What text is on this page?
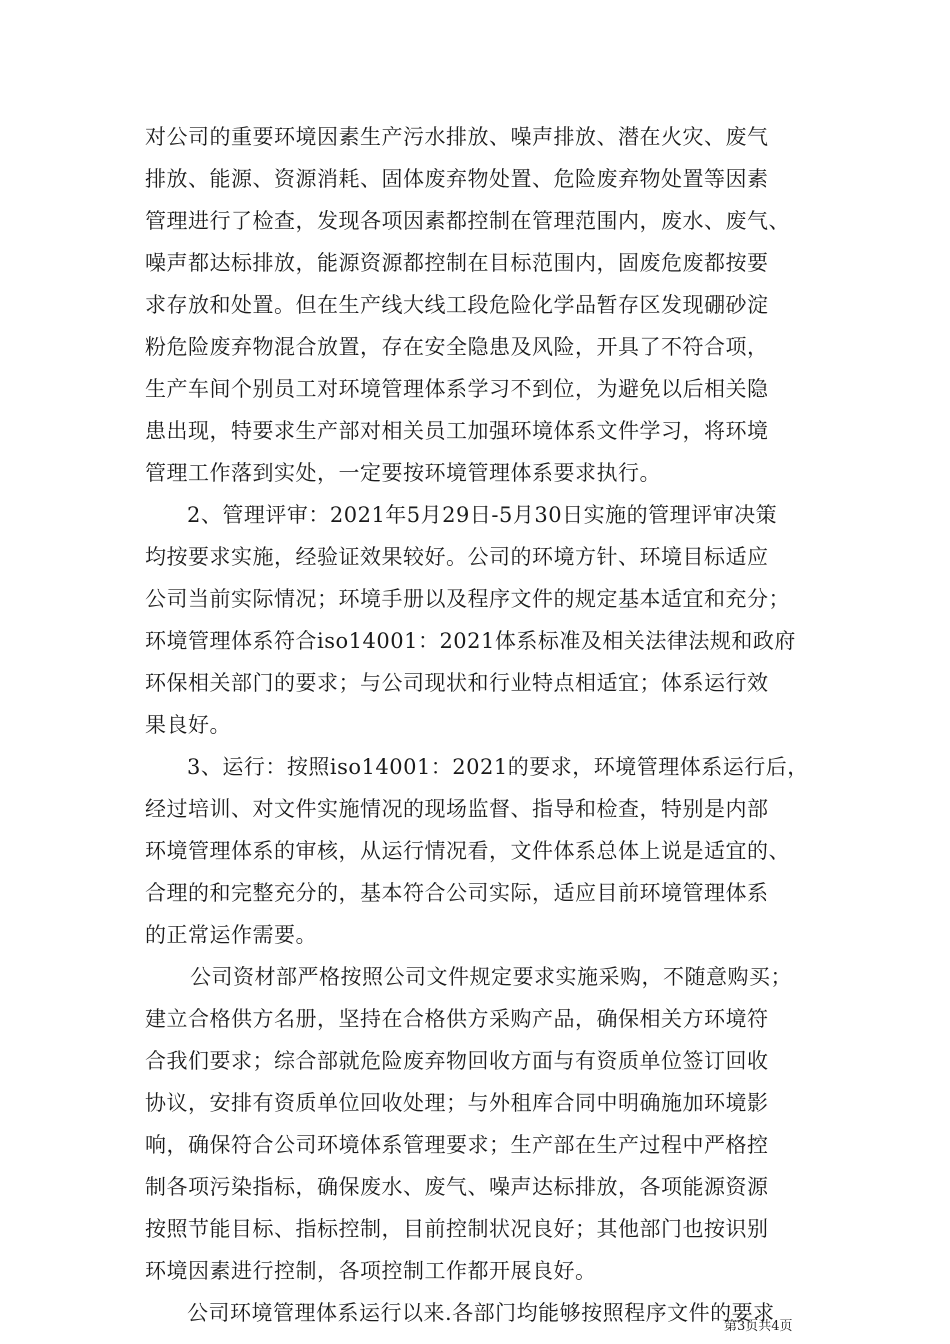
对公司的重要环境因素生产污水排放、噪声排放、潜在火灾、废气
排放、能源、资源消耗、固体废弃物处置、危险废弃物处置等因素
管理进行了检查，发现各项因素都控制在管理范围内，废水、废气、
噪声都达标排放，能源资源都控制在目标范围内，固废危废都按要
求存放和处置。但在生产线大线工段危险化学品暂存区发现硼砂淀
粉危险废弃物混合放置，存在安全隐患及风险，开具了不符合项，
生产车间个别员工对环境管理体系学习不到位，为避免以后相关隐
患出现，特要求生产部对相关员工加强环境体系文件学习，将环境
管理工作落到实处，一定要按环境管理体系要求执行。
2、管理评审：2021年5月29日-5月30日实施的管理评审决策
均按要求实施，经验证效果较好。公司的环境方针、环境目标适应
公司当前实际情况；环境手册以及程序文件的规定基本适宜和充分；
环境管理体系符合iso14001：2021体系标准及相关法律法规和政府
环保相关部门的要求；与公司现状和行业特点相适宜；体系运行效
果良好。
3、运行：按照iso14001：2021的要求，环境管理体系运行后，
经过培训、对文件实施情况的现场监督、指导和检查，特别是内部
环境管理体系的审核，从运行情况看，文件体系总体上说是适宜的、
合理的和完整充分的，基本符合公司实际，适应目前环境管理体系
的正常运作需要。
公司资材部严格按照公司文件规定要求实施采购，不随意购买；
建立合格供方名册，坚持在合格供方采购产品，确保相关方环境符
合我们要求；综合部就危险废弃物回收方面与有资质单位签订回收
协议，安排有资质单位回收处理；与外租库合同中明确施加环境影
响，确保符合公司环境体系管理要求；生产部在生产过程中严格控
制各项污染指标，确保废水、废气、噪声达标排放，各项能源资源
按照节能目标、指标控制，目前控制状况良好；其他部门也按识别
环境因素进行控制，各项控制工作都开展良好。
公司环境管理体系运行以来.各部门均能够按照程序文件的要求
第3页共4页
